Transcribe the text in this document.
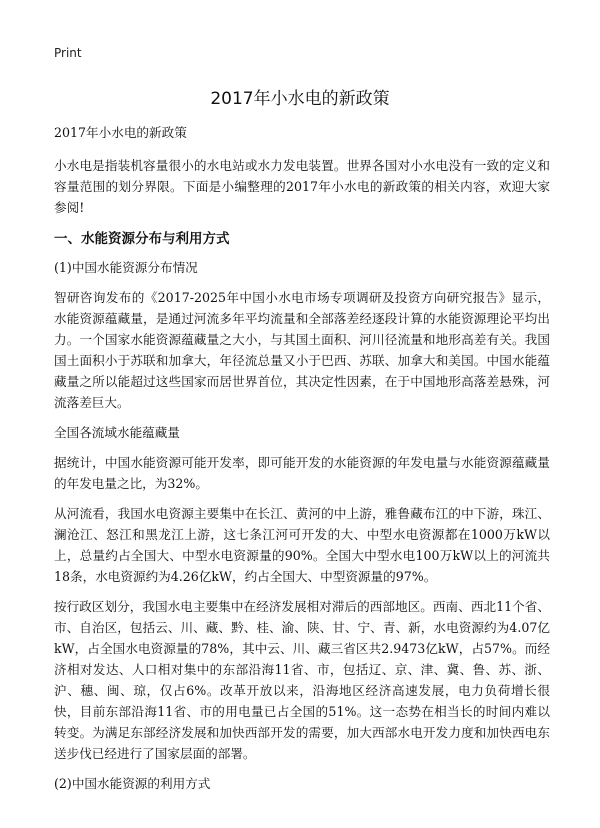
Print
2017年小水电的新政策

2017年小水电的新政策

小水电是指装机容量很小的水电站或水力发电装置。世界各国对小水电没有一致的定义和容量范围的划分界限。下面是小编整理的2017年小水电的新政策的相关内容，欢迎大家参阅!

一、水能资源分布与利用方式

(1)中国水能资源分布情况

智研咨询发布的《2017-2025年中国小水电市场专项调研及投资方向研究报告》显示，水能资源蕴藏量，是通过河流多年平均流量和全部落差经逐段计算的水能资源理论平均出力。一个国家水能资源蕴藏量之大小，与其国土面积、河川径流量和地形高差有关。我国国土面积小于苏联和加拿大，年径流总量又小于巴西、苏联、加拿大和美国。中国水能蕴藏量之所以能超过这些国家而居世界首位，其决定性因素，在于中国地形高落差悬殊，河流落差巨大。

全国各流域水能蕴藏量

据统计，中国水能资源可能开发率，即可能开发的水能资源的年发电量与水能资源蕴藏量的年发电量之比，为32%。

从河流看，我国水电资源主要集中在长江、黄河的中上游，雅鲁藏布江的中下游，珠江、澜沧江、怒江和黑龙江上游，这七条江河可开发的大、中型水电资源都在1000万kW以上，总量约占全国大、中型水电资源量的90%。全国大中型水电100万kW以上的河流共18条，水电资源约为4.26亿kW，约占全国大、中型资源量的97%。

按行政区划分，我国水电主要集中在经济发展相对滞后的西部地区。西南、西北11个省、市、自治区，包括云、川、藏、黔、桂、渝、陕、甘、宁、青、新，水电资源约为4.07亿kW，占全国水电资源量的78%，其中云、川、藏三省区共2.9473亿kW，占57%。而经济相对发达、人口相对集中的东部沿海11省、市，包括辽、京、津、冀、鲁、苏、浙、沪、穗、闽、琼，仅占6%。改革开放以来，沿海地区经济高速发展，电力负荷增长很快，目前东部沿海11省、市的用电量已占全国的51%。这一态势在相当长的时间内难以转变。为满足东部经济发展和加快西部开发的需要，加大西部水电开发力度和加快西电东送步伐已经进行了国家层面的部署。

(2)中国水能资源的利用方式
